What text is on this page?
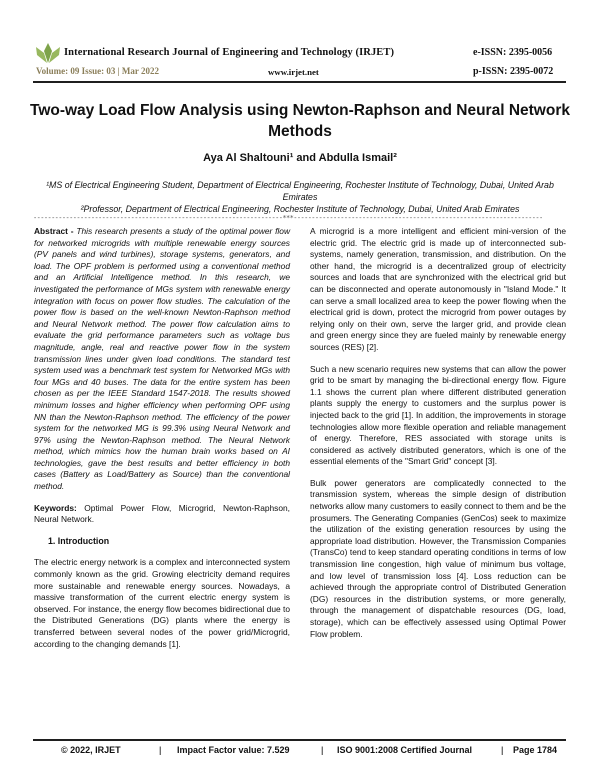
International Research Journal of Engineering and Technology (IRJET)
Volume: 09 Issue: 03 | Mar 2022	www.irjet.net
e-ISSN: 2395-0056
p-ISSN: 2395-0072
Two-way Load Flow Analysis using Newton-Raphson and Neural Network Methods
Aya Al Shaltouni¹ and Abdulla Ismail²
¹MS of Electrical Engineering Student, Department of Electrical Engineering, Rochester Institute of Technology, Dubai, United Arab Emirates
²Professor, Department of Electrical Engineering, Rochester Institute of Technology, Dubai, United Arab Emirates
---------------------------------------------------------------------***---------------------------------------------------------------------

Abstract - This research presents a study of the optimal power flow for networked microgrids with multiple renewable energy sources (PV panels and wind turbines), storage systems, generators, and load. The OPF problem is performed using a conventional method and an Artificial Intelligence method. In this research, we investigated the performance of MGs system with renewable energy integration with focus on power flow studies. The calculation of the power flow is based on the well-known Newton-Raphson method and Neural Network method. The power flow calculation aims to evaluate the grid performance parameters such as voltage bus magnitude, angle, real and reactive power flow in the system transmission lines under given load conditions. The standard test system used was a benchmark test system for Networked MGs with four MGs and 40 buses. The data for the entire system has been chosen as per the IEEE Standard 1547-2018. The results showed minimum losses and higher efficiency when performing OPF using NN than the Newton-Raphson method. The efficiency of the power system for the networked MG is 99.3% using Neural Network and 97% using the Newton-Raphson method. The Neural Network method, which mimics how the human brain works based on AI technologies, gave the best results and better efficiency in both cases (Battery as Load/Battery as Source) than the conventional method.

Keywords: Optimal Power Flow, Microgrid, Newton-Raphson, Neural Network.

1. Introduction

The electric energy network is a complex and interconnected system commonly known as the grid. Growing electricity demand requires more sustainable and renewable energy sources. Nowadays, a massive transformation of the current electric energy system is observed. For instance, the energy flow becomes bidirectional due to the Distributed Generations (DG) plants where the energy is transferred between several nodes of the power grid/Microgrid, according to the changing demands [1].

A microgrid is a more intelligent and efficient mini-version of the electric grid. The electric grid is made up of interconnected sub-systems, namely generation, transmission, and distribution. On the other hand, the microgrid is a decentralized group of electricity sources and loads that are synchronized with the electrical grid but can be disconnected and operate autonomously in "Island Mode." It can serve a small localized area to keep the power flowing when the electrical grid is down, protect the microgrid from power outages by relying only on their own, serve the larger grid, and provide clean and green energy since they are fueled mainly by renewable energy sources (RES) [2].

Such a new scenario requires new systems that can allow the power grid to be smart by managing the bi-directional energy flow. Figure 1.1 shows the current plan where different distributed generation plants supply the energy to customers and the surplus power is injected back to the grid [1]. In addition, the improvements in storage technologies allow more flexible operation and reliable management of energy. Therefore, RES associated with storage units is considered as actively distributed generators, which is one of the essential elements of the "Smart Grid" concept [3].

Bulk power generators are complicatedly connected to the transmission system, whereas the simple design of distribution networks allow many customers to easily connect to them and be the prosumers. The Generating Companies (GenCos) seek to maximize the utilization of the existing generation resources by using the appropriate load distribution. However, the Transmission Companies (TransCo) tend to keep standard operating conditions in terms of low transmission line congestion, high value of minimum bus voltage, and low level of transmission loss [4]. Loss reduction can be achieved through the appropriate control of Distributed Generation (DG) resources in the distribution systems, or more generally, through the management of dispatchable resources (DG, load, storage), which can be effectively assessed using Optimal Power Flow problem.

© 2022, IRJET	| Impact Factor value: 7.529	| ISO 9001:2008 Certified Journal	| Page 1784
